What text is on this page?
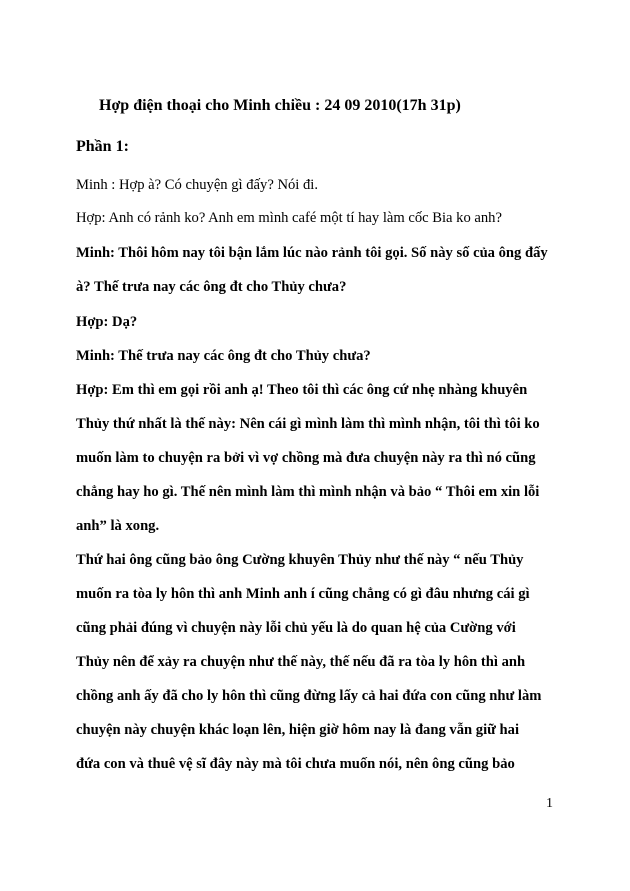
Hợp điện thoại cho Minh chiều : 24 09 2010(17h 31p)
Phần 1:
Minh : Hợp à? Có chuyện gì đấy? Nói đi.
Hợp: Anh có rảnh ko? Anh em mình café một tí hay làm cốc Bia ko anh?
Minh: Thôi hôm nay tôi bận lắm lúc nào rảnh tôi gọi. Số này số của ông đấy
à? Thế trưa nay các ông đt cho Thủy chưa?
Hợp: Dạ?
Minh: Thế trưa nay các ông đt cho Thủy chưa?
Hợp: Em thì em gọi rồi anh ạ! Theo tôi thì các ông cứ nhẹ nhàng khuyên
Thủy thứ nhất là thế này: Nên cái gì mình làm thì mình nhận, tôi thì tôi ko
muốn làm to chuyện ra bởi vì vợ chồng mà đưa chuyện này ra thì nó cũng
chẳng hay ho gì. Thế nên mình làm thì mình nhận và bảo “ Thôi em xin lỗi
anh” là xong.
Thứ hai ông cũng bảo ông Cường khuyên Thủy như thế này “ nếu Thủy
muốn ra tòa ly hôn thì anh Minh anh í cũng chẳng có gì đâu nhưng cái gì
cũng phải đúng vì chuyện này lỗi chủ yếu là do quan hệ của Cường với
Thủy nên để xảy ra chuyện như thế này, thế nếu đã ra tòa ly hôn thì anh
chồng anh ấy đã cho ly hôn thì cũng đừng lấy cả hai đứa con cũng như làm
chuyện này chuyện khác loạn lên, hiện giờ hôm nay là đang vẫn giữ hai
đứa con và thuê vệ sĩ đây này mà tôi chưa muốn nói, nên ông cũng bảo
1
